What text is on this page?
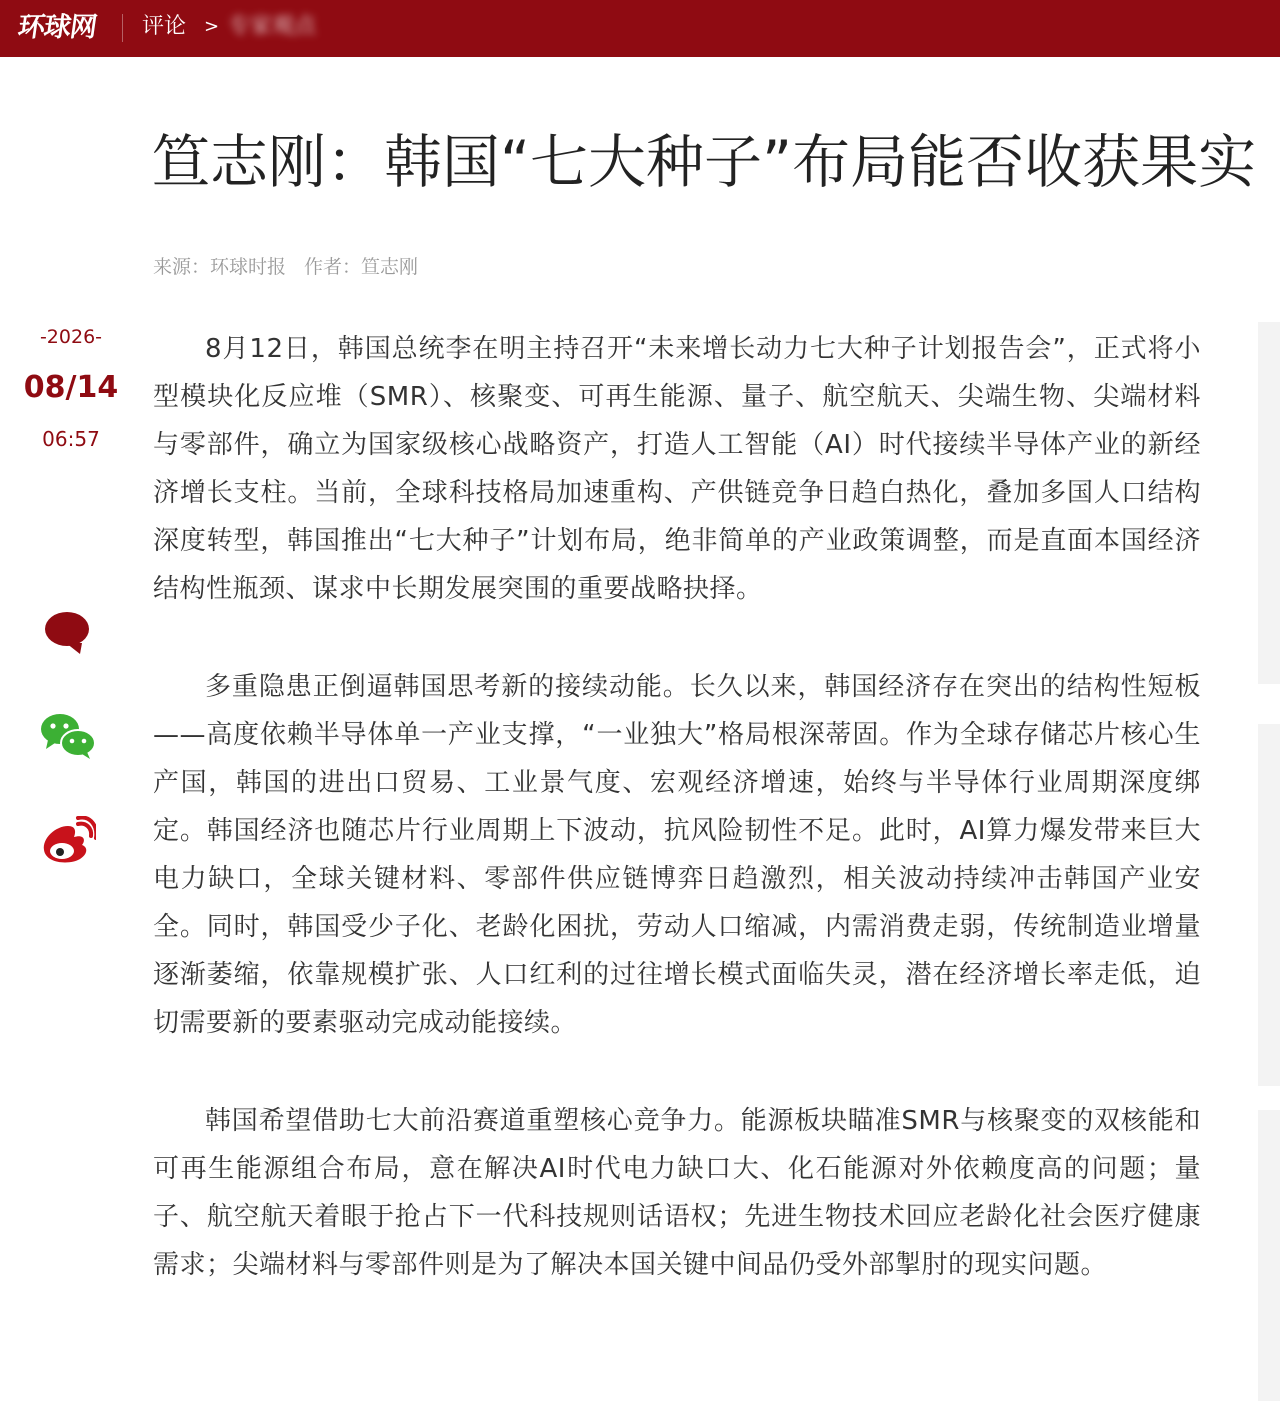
环球网 评论 > 专家观点
笪志刚：韩国“七大种子”布局能否收获果实
来源：环球时报 作者：笪志刚
-2026-
08/14
06:57

8月12日，韩国总统李在明主持召开“未来增长动力七大种子计划报告会”，正式将小型模块化反应堆（SMR）、核聚变、可再生能源、量子、航空航天、尖端生物、尖端材料与零部件，确立为国家级核心战略资产，打造人工智能（AI）时代接续半导体产业的新经济增长支柱。当前，全球科技格局加速重构、产供链竞争日趋白热化，叠加多国人口结构深度转型，韩国推出“七大种子”计划布局，绝非简单的产业政策调整，而是直面本国经济结构性瓶颈、谋求中长期发展突围的重要战略抉择。

多重隐患正倒逼韩国思考新的接续动能。长久以来，韩国经济存在突出的结构性短板——高度依赖半导体单一产业支撑，“一业独大”格局根深蒂固。作为全球存储芯片核心生产国，韩国的进出口贸易、工业景气度、宏观经济增速，始终与半导体行业周期深度绑定。韩国经济也随芯片行业周期上下波动，抗风险韧性不足。此时，AI算力爆发带来巨大电力缺口，全球关键材料、零部件供应链博弈日趋激烈，相关波动持续冲击韩国产业安全。同时，韩国受少子化、老龄化困扰，劳动人口缩减，内需消费走弱，传统制造业增量逐渐萎缩，依靠规模扩张、人口红利的过往增长模式面临失灵，潜在经济增长率走低，迫切需要新的要素驱动完成动能接续。

韩国希望借助七大前沿赛道重塑核心竞争力。能源板块瞄准SMR与核聚变的双核能和可再生能源组合布局，意在解决AI时代电力缺口大、化石能源对外依赖度高的问题；量子、航空航天着眼于抢占下一代科技规则话语权；先进生物技术回应老龄化社会医疗健康需求；尖端材料与零部件则是为了解决本国关键中间品仍受外部掣肘的现实问题。
